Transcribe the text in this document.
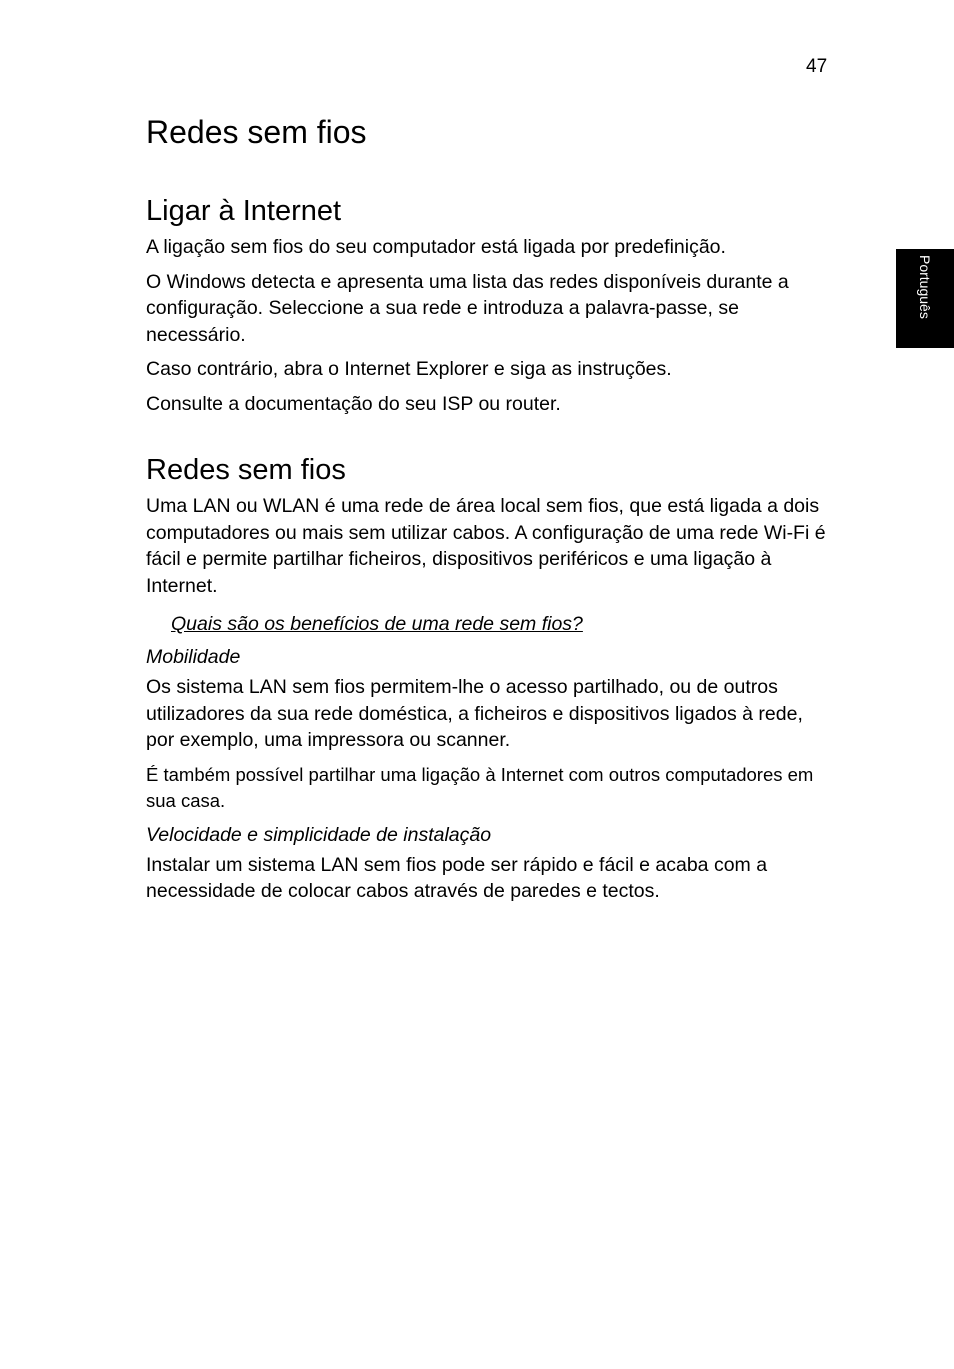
47
Português
Redes sem fios
Ligar à Internet

A ligação sem fios do seu computador está ligada por predefinição.

O Windows detecta e apresenta uma lista das redes disponíveis durante a configuração. Seleccione a sua rede e introduza a palavra-passe, se necessário.

Caso contrário, abra o Internet Explorer e siga as instruções.

Consulte a documentação do seu ISP ou router.

Redes sem fios

Uma LAN ou WLAN é uma rede de área local sem fios, que está ligada a dois computadores ou mais sem utilizar cabos. A configuração de uma rede Wi-Fi é fácil e permite partilhar ficheiros, dispositivos periféricos e uma ligação à Internet.

Quais são os benefícios de uma rede sem fios?
Mobilidade

Os sistema LAN sem fios permitem-lhe o acesso partilhado, ou de outros utilizadores da sua rede doméstica, a ficheiros e dispositivos ligados à rede, por exemplo, uma impressora ou scanner.

É também possível partilhar uma ligação à Internet com outros computadores em sua casa.

Velocidade e simplicidade de instalação

Instalar um sistema LAN sem fios pode ser rápido e fácil e acaba com a necessidade de colocar cabos através de paredes e tectos.
